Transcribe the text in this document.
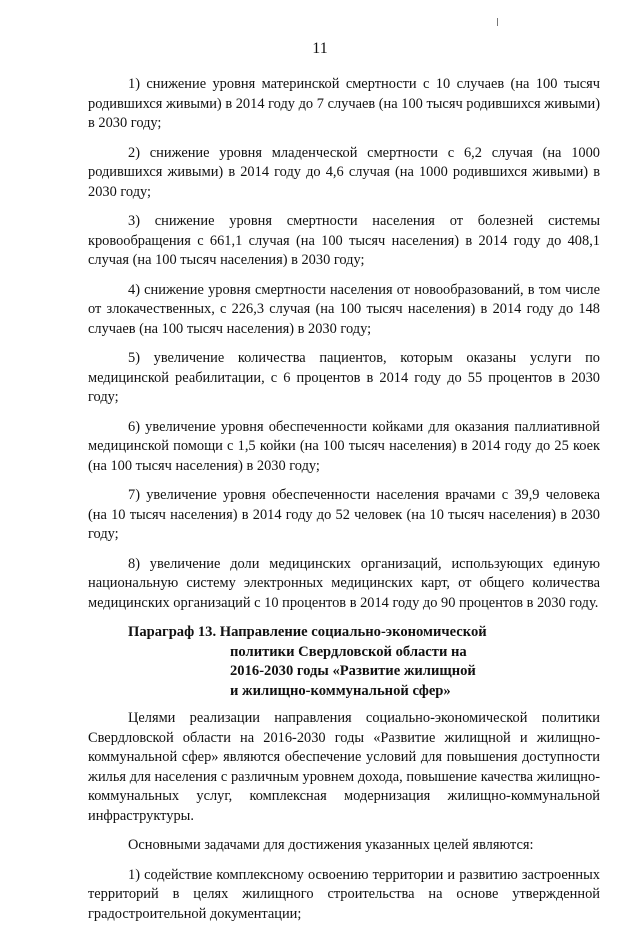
11

1) снижение уровня материнской смертности с 10 случаев (на 100 тысяч родившихся живыми) в 2014 году до 7 случаев (на 100 тысяч родившихся живыми) в 2030 году;

2) снижение уровня младенческой смертности с 6,2 случая (на 1000 родившихся живыми) в 2014 году до 4,6 случая (на 1000 родившихся живыми) в 2030 году;

3) снижение уровня смертности населения от болезней системы кровообращения с 661,1 случая (на 100 тысяч населения) в 2014 году до 408,1 случая (на 100 тысяч населения) в 2030 году;

4) снижение уровня смертности населения от новообразований, в том числе от злокачественных, с 226,3 случая (на 100 тысяч населения) в 2014 году до 148 случаев (на 100 тысяч населения) в 2030 году;

5) увеличение количества пациентов, которым оказаны услуги по медицинской реабилитации, с 6 процентов в 2014 году до 55 процентов в 2030 году;

6) увеличение уровня обеспеченности койками для оказания паллиативной медицинской помощи с 1,5 койки (на 100 тысяч населения) в 2014 году до 25 коек (на 100 тысяч населения) в 2030 году;

7) увеличение уровня обеспеченности населения врачами с 39,9 человека (на 10 тысяч населения) в 2014 году до 52 человек (на 10 тысяч населения) в 2030 году;

8) увеличение доли медицинских организаций, использующих единую национальную систему электронных медицинских карт, от общего количества медицинских организаций с 10 процентов в 2014 году до 90 процентов в 2030 году.

Параграф 13. Направление социально-экономической
политики Свердловской области на
2016-2030 годы «Развитие жилищной
и жилищно-коммунальной сфер»

Целями реализации направления социально-экономической политики Свердловской области на 2016-2030 годы «Развитие жилищной и жилищно-коммунальной сфер» являются обеспечение условий для повышения доступности жилья для населения с различным уровнем дохода, повышение качества жилищно-коммунальных услуг, комплексная модернизация жилищно-коммунальной инфраструктуры.

Основными задачами для достижения указанных целей являются:

1) содействие комплексному освоению территории и развитию застроенных территорий в целях жилищного строительства на основе утвержденной градостроительной документации;
